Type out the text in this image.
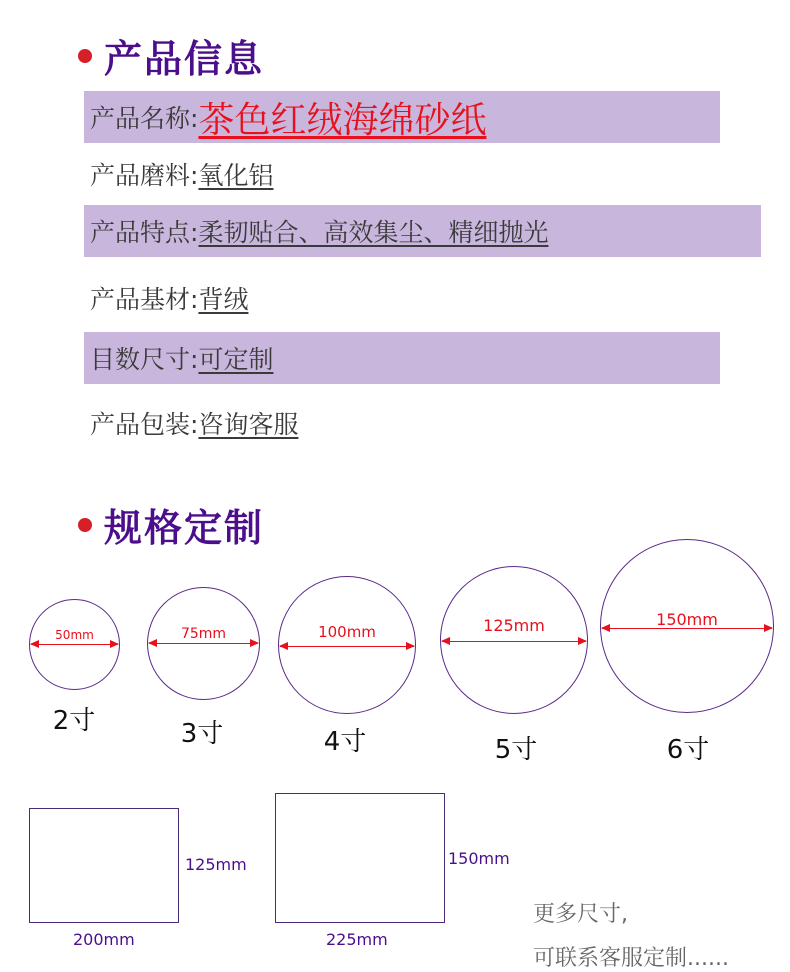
产品信息
产品名称: 茶色红绒海绵砂纸
产品磨料: 氧化铝
产品特点: 柔韧贴合、高效集尘、精细抛光
产品基材: 背绒
目数尺寸: 可定制
产品包装: 咨询客服
规格定制
50mm
2寸
75mm
3寸
100mm
4寸
125mm
5寸
150mm
6寸
125mm
200mm
150mm
225mm
更多尺寸,
可联系客服定制......
